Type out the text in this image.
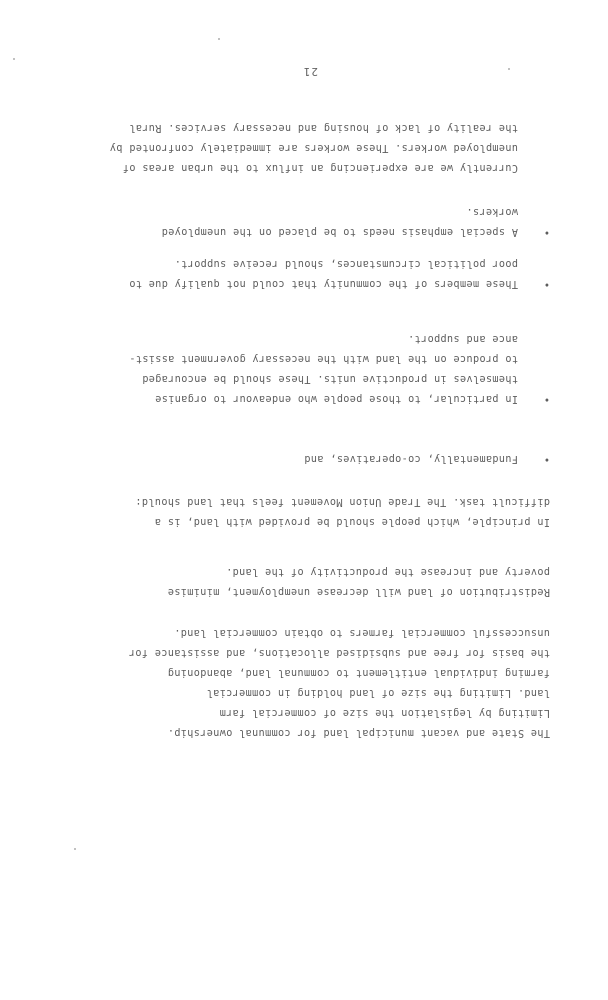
21
Currently we are experiencing an influx to the urban areas of
unemployed workers. These workers are immediately confronted by
the reality of lack of housing and necessary services. Rural
•
These members of the community that could not qualify due to
poor political circumstances, should receive support.
•
A special emphasis needs to be placed on the unemployed
workers.
•
In particular, to those people who endeavour to organise
themselves in productive units. These should be encouraged
to produce on the land with the necessary government assist-
ance and support.
•
Fundamentally, co-operatives, and
In principle, which people should be provided with land, is a
difficult task. The Trade Union Movement feels that land should:
Redistribution of land will decrease unemployment, minimise
poverty and increase the productivity of the land.
The State and vacant municipal land for communal ownership.
Limiting by legislation the size of commercial farm
land. Limiting the size of land holding in commercial
farming individual entitlement to communal land, abandoning
the basis for free and subsidised allocations, and assistance for
unsuccessful commercial farmers to obtain commercial land.
